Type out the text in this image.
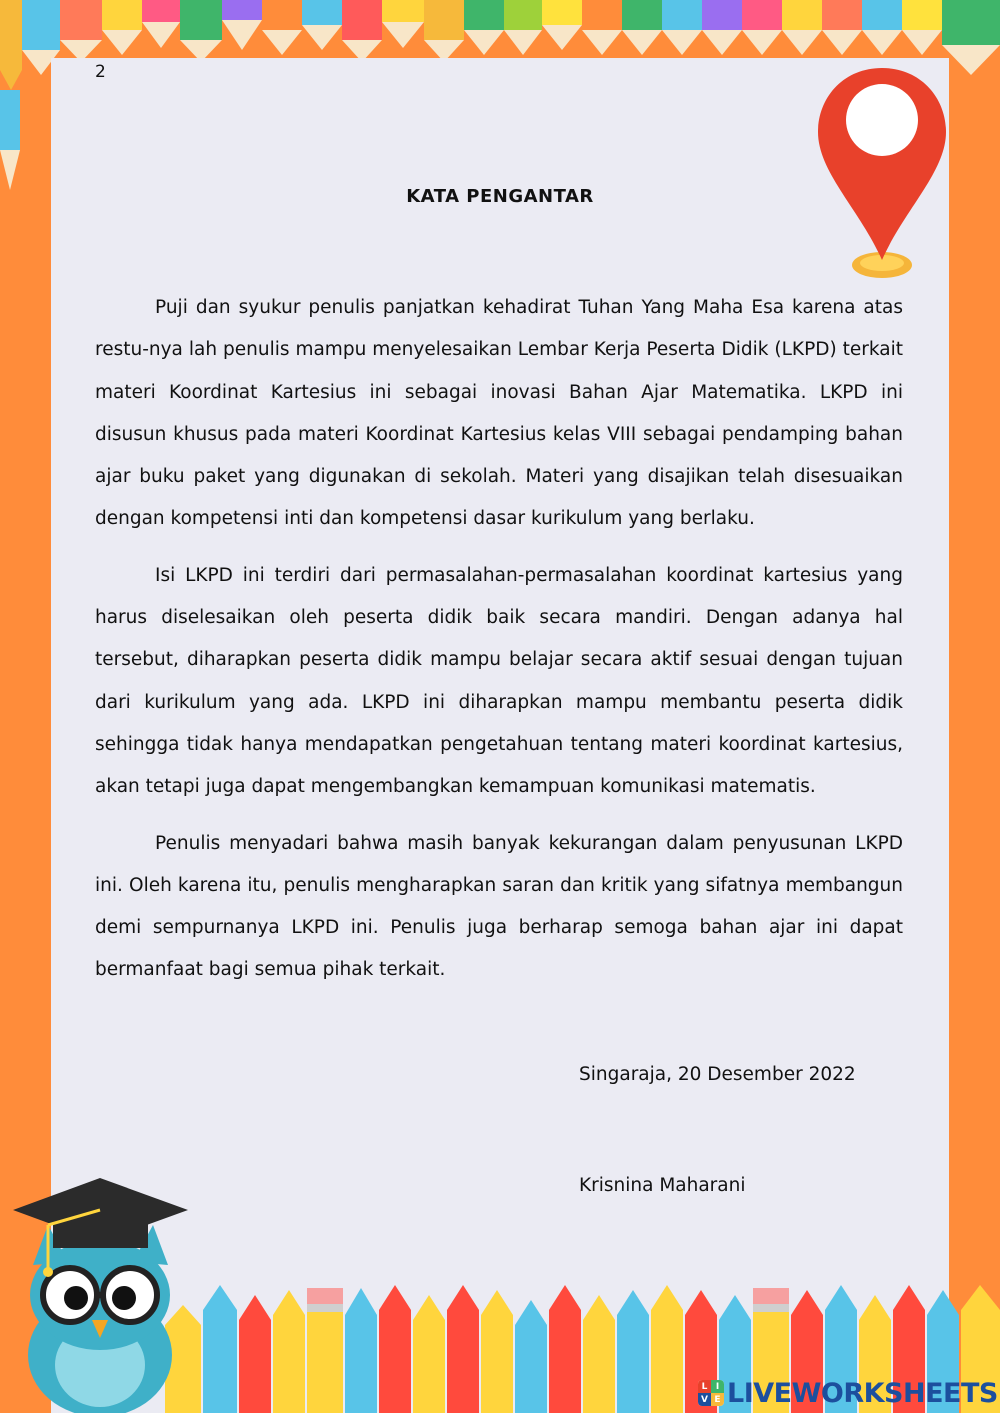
2
KATA PENGANTAR

Puji dan syukur penulis panjatkan kehadirat Tuhan Yang Maha Esa karena atas restu-nya lah penulis mampu menyelesaikan Lembar Kerja Peserta Didik (LKPD) terkait materi Koordinat Kartesius ini sebagai inovasi Bahan Ajar Matematika. LKPD ini disusun khusus pada materi Koordinat Kartesius kelas VIII sebagai pendamping bahan ajar buku paket yang digunakan di sekolah. Materi yang disajikan telah disesuaikan dengan kompetensi inti dan kompetensi dasar kurikulum yang berlaku.

Isi LKPD ini terdiri dari permasalahan-permasalahan koordinat kartesius yang harus diselesaikan oleh peserta didik baik secara mandiri. Dengan adanya hal tersebut, diharapkan peserta didik mampu belajar secara aktif sesuai dengan tujuan dari kurikulum yang ada. LKPD ini diharapkan mampu membantu peserta didik sehingga tidak hanya mendapatkan pengetahuan tentang materi koordinat kartesius, akan tetapi juga dapat mengembangkan kemampuan komunikasi matematis.

Penulis menyadari bahwa masih banyak kekurangan dalam penyusunan LKPD ini. Oleh karena itu, penulis mengharapkan saran dan kritik yang sifatnya membangun demi sempurnanya LKPD ini. Penulis juga berharap semoga bahan ajar ini dapat bermanfaat bagi semua pihak terkait.

Singaraja, 20 Desember 2022
Krisnina Maharani
L I
V E LIVEWORKSHEETS
